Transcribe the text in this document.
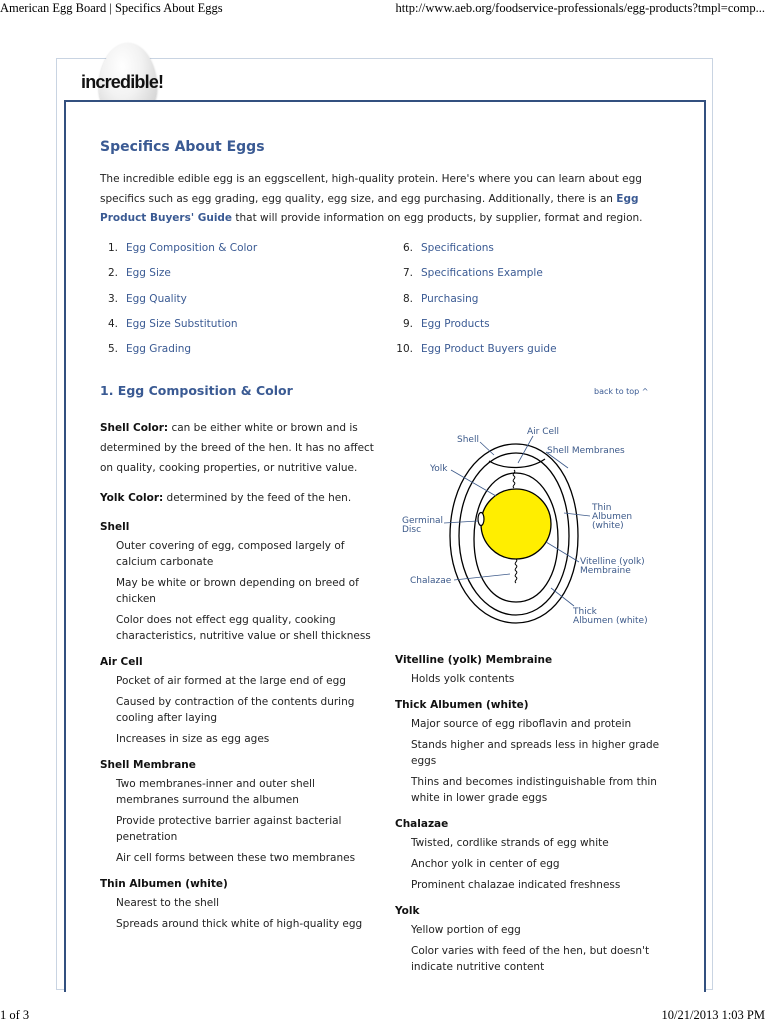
American Egg Board | Specifics About Eggs	http://www.aeb.org/foodservice-professionals/egg-products?tmpl=comp...
1 of 3	10/21/2013 1:03 PM
incredible!
Specifics About Eggs
The incredible edible egg is an eggscellent, high-quality protein. Here's where you can learn about egg specifics such as egg grading, egg quality, egg size, and egg purchasing. Additionally, there is an Egg Product Buyers' Guide that will provide information on egg products, by supplier, format and region.
1. Egg Composition & Color
2. Egg Size
3. Egg Quality
4. Egg Size Substitution
5. Egg Grading
6. Specifications
7. Specifications Example
8. Purchasing
9. Egg Products
10. Egg Product Buyers guide
1. Egg Composition & Color	back to top ^

Shell Color: can be either white or brown and is determined by the breed of the hen. It has no affect on quality, cooking properties, or nutritive value.

Yolk Color: determined by the feed of the hen.

Shell
Outer covering of egg, composed largely of calcium carbonate
May be white or brown depending on breed of chicken
Color does not effect egg quality, cooking characteristics, nutritive value or shell thickness
Air Cell
Pocket of air formed at the large end of egg
Caused by contraction of the contents during cooling after laying
Increases in size as egg ages
Shell Membrane
Two membranes-inner and outer shell membranes surround the albumen
Provide protective barrier against bacterial penetration
Air cell forms between these two membranes
Thin Albumen (white)
Nearest to the shell
Spreads around thick white of high-quality egg
Air Cell
Shell
Shell Membranes
Yolk
Thin
Albumen
(white)
Germinal
Disc
Vitelline (yolk)
Membraine
Chalazae
Thick
Albumen (white)
Vitelline (yolk) Membraine
Holds yolk contents
Thick Albumen (white)
Major source of egg riboflavin and protein
Stands higher and spreads less in higher grade eggs
Thins and becomes indistinguishable from thin white in lower grade eggs
Chalazae
Twisted, cordlike strands of egg white
Anchor yolk in center of egg
Prominent chalazae indicated freshness
Yolk
Yellow portion of egg
Color varies with feed of the hen, but doesn't indicate nutritive content
